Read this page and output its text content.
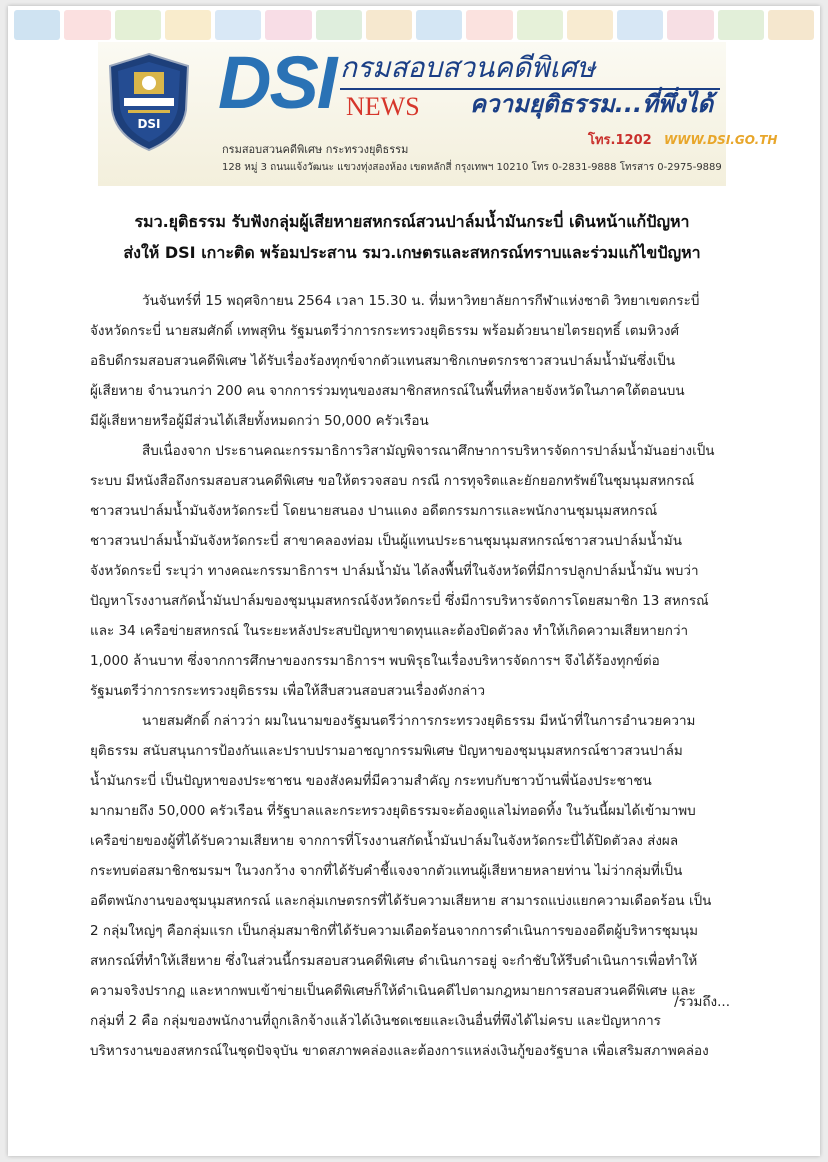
DSI DSI กรมสอบสวนคดีพิเศษ
NEWS ความยุติธรรม...ที่พึ่งได้
โทร.1202 WWW.DSI.GO.TH
กรมสอบสวนคดีพิเศษ กระทรวงยุติธรรม
128 หมู่ 3 ถนนแจ้งวัฒนะ แขวงทุ่งสองห้อง เขตหลักสี่ กรุงเทพฯ 10210 โทร 0-2831-9888 โทรสาร 0-2975-9889
รมว.ยุติธรรม รับฟังกลุ่มผู้เสียหายสหกรณ์สวนปาล์มน้ำมันกระบี่ เดินหน้าแก้ปัญหา
ส่งให้ DSI เกาะติด พร้อมประสาน รมว.เกษตรและสหกรณ์ทราบและร่วมแก้ไขปัญหา
วันจันทร์ที่ 15 พฤศจิกายน 2564 เวลา 15.30 น. ที่มหาวิทยาลัยการกีฬาแห่งชาติ วิทยาเขตกระบี่
จังหวัดกระบี่ นายสมศักดิ์ เทพสุทิน รัฐมนตรีว่าการกระทรวงยุติธรรม พร้อมด้วยนายไตรยฤทธิ์ เตมหิวงศ์
อธิบดีกรมสอบสวนคดีพิเศษ ได้รับเรื่องร้องทุกข์จากตัวแทนสมาชิกเกษตรกรชาวสวนปาล์มน้ำมันซึ่งเป็น
ผู้เสียหาย จำนวนกว่า 200 คน จากการร่วมทุนของสมาชิกสหกรณ์ในพื้นที่หลายจังหวัดในภาคใต้ตอนบน
มีผู้เสียหายหรือผู้มีส่วนได้เสียทั้งหมดกว่า 50,000 ครัวเรือน
สืบเนื่องจาก ประธานคณะกรรมาธิการวิสามัญพิจารณาศึกษาการบริหารจัดการปาล์มน้ำมันอย่างเป็น
ระบบ มีหนังสือถึงกรมสอบสวนคดีพิเศษ ขอให้ตรวจสอบ กรณี การทุจริตและยักยอกทรัพย์ในชุมนุมสหกรณ์
ชาวสวนปาล์มน้ำมันจังหวัดกระบี่ โดยนายสนอง ปานแดง อดีตกรรมการและพนักงานชุมนุมสหกรณ์
ชาวสวนปาล์มน้ำมันจังหวัดกระบี่ สาขาคลองท่อม เป็นผู้แทนประธานชุมนุมสหกรณ์ชาวสวนปาล์มน้ำมัน
จังหวัดกระบี่ ระบุว่า ทางคณะกรรมาธิการฯ ปาล์มน้ำมัน ได้ลงพื้นที่ในจังหวัดที่มีการปลูกปาล์มน้ำมัน พบว่า
ปัญหาโรงงานสกัดน้ำมันปาล์มของชุมนุมสหกรณ์จังหวัดกระบี่ ซึ่งมีการบริหารจัดการโดยสมาชิก 13 สหกรณ์
และ 34 เครือข่ายสหกรณ์ ในระยะหลังประสบปัญหาขาดทุนและต้องปิดตัวลง ทำให้เกิดความเสียหายกว่า
1,000 ล้านบาท ซึ่งจากการศึกษาของกรรมาธิการฯ พบพิรุธในเรื่องบริหารจัดการฯ จึงได้ร้องทุกข์ต่อ
รัฐมนตรีว่าการกระทรวงยุติธรรม เพื่อให้สืบสวนสอบสวนเรื่องดังกล่าว
นายสมศักดิ์ กล่าวว่า ผมในนามของรัฐมนตรีว่าการกระทรวงยุติธรรม มีหน้าที่ในการอำนวยความ
ยุติธรรม สนับสนุนการป้องกันและปราบปรามอาชญากรรมพิเศษ ปัญหาของชุมนุมสหกรณ์ชาวสวนปาล์ม
น้ำมันกระบี่ เป็นปัญหาของประชาชน ของสังคมที่มีความสำคัญ กระทบกับชาวบ้านพี่น้องประชาชน
มากมายถึง 50,000 ครัวเรือน ที่รัฐบาลและกระทรวงยุติธรรมจะต้องดูแลไม่ทอดทิ้ง ในวันนี้ผมได้เข้ามาพบ
เครือข่ายของผู้ที่ได้รับความเสียหาย จากการที่โรงงานสกัดน้ำมันปาล์มในจังหวัดกระบี่ได้ปิดตัวลง ส่งผล
กระทบต่อสมาชิกชมรมฯ ในวงกว้าง จากที่ได้รับคำชี้แจงจากตัวแทนผู้เสียหายหลายท่าน ไม่ว่ากลุ่มที่เป็น
อดีตพนักงานของชุมนุมสหกรณ์ และกลุ่มเกษตรกรที่ได้รับความเสียหาย สามารถแบ่งแยกความเดือดร้อน เป็น
2 กลุ่มใหญ่ๆ คือกลุ่มแรก เป็นกลุ่มสมาชิกที่ได้รับความเดือดร้อนจากการดำเนินการของอดีตผู้บริหารชุมนุม
สหกรณ์ที่ทำให้เสียหาย ซึ่งในส่วนนี้กรมสอบสวนคดีพิเศษ ดำเนินการอยู่ จะกำชับให้รีบดำเนินการเพื่อทำให้
ความจริงปรากฏ และหากพบเข้าข่ายเป็นคดีพิเศษก็ให้ดำเนินคดีไปตามกฎหมายการสอบสวนคดีพิเศษ และ
กลุ่มที่ 2 คือ กลุ่มของพนักงานที่ถูกเลิกจ้างแล้วได้เงินชดเชยและเงินอื่นที่พึงได้ไม่ครบ และปัญหาการ
บริหารงานของสหกรณ์ในชุดปัจจุบัน ขาดสภาพคล่องและต้องการแหล่งเงินกู้ของรัฐบาล เพื่อเสริมสภาพคล่อง
/รวมถึง...
